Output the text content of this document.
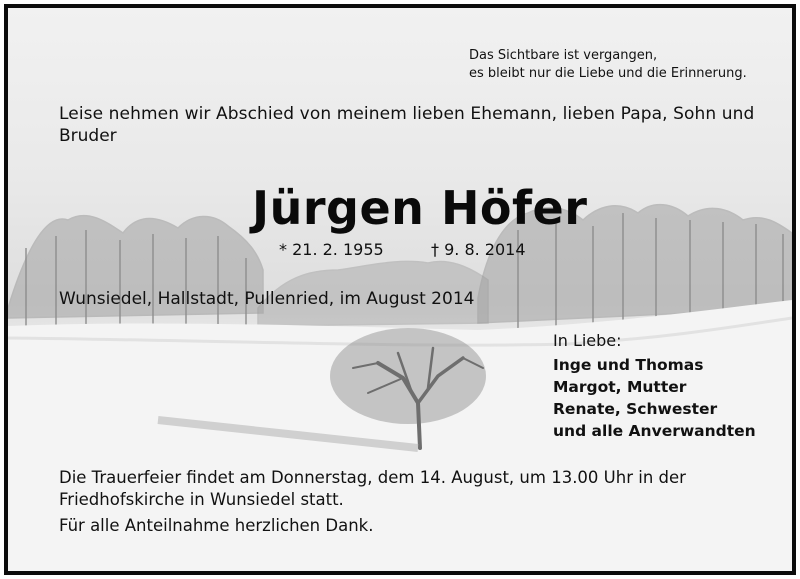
Das Sichtbare ist vergangen,
es bleibt nur die Liebe und die Erinnerung.
Leise nehmen wir Abschied von meinem lieben Ehemann, lieben Papa, Sohn und
Bruder
Jürgen Höfer
* 21. 2. 1955	† 9. 8. 2014
Wunsiedel, Hallstadt, Pullenried, im August 2014
In Liebe:
Inge und Thomas
Margot, Mutter
Renate, Schwester
und alle Anverwandten
Die Trauerfeier findet am Donnerstag, dem 14. August, um 13.00 Uhr in der
Friedhofskirche in Wunsiedel statt.
Für alle Anteilnahme herzlichen Dank.
